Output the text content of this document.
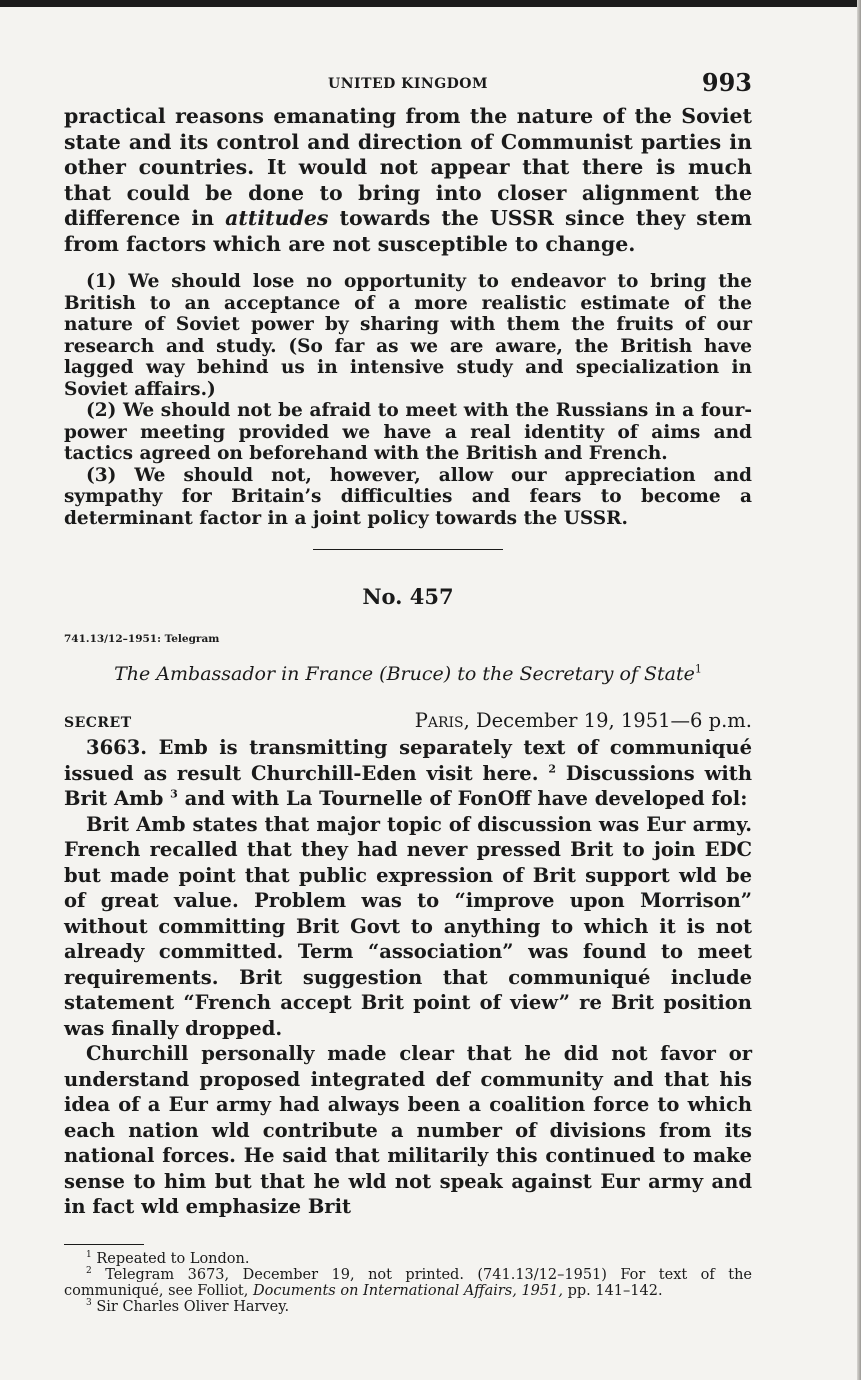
UNITED KINGDOM	993

practical reasons emanating from the nature of the Soviet state and its control and direction of Communist parties in other countries. It would not appear that there is much that could be done to bring into closer alignment the difference in attitudes towards the USSR since they stem from factors which are not susceptible to change.

(1) We should lose no opportunity to endeavor to bring the British to an acceptance of a more realistic estimate of the nature of Soviet power by sharing with them the fruits of our research and study. (So far as we are aware, the British have lagged way behind us in intensive study and specialization in Soviet affairs.)

(2) We should not be afraid to meet with the Russians in a four-power meeting provided we have a real identity of aims and tactics agreed on beforehand with the British and French.

(3) We should not, however, allow our appreciation and sympathy for Britain’s difficulties and fears to become a determinant factor in a joint policy towards the USSR.

No. 457
741.13/12–1951: Telegram
The Ambassador in France (Bruce) to the Secretary of State$^1$
SECRET	Paris, December 19, 1951—6 p.m.

3663. Emb is transmitting separately text of communiqué issued as result Churchill-Eden visit here. $^2$ Discussions with Brit Amb $^3$ and with La Tournelle of FonOff have developed fol:

Brit Amb states that major topic of discussion was Eur army. French recalled that they had never pressed Brit to join EDC but made point that public expression of Brit support wld be of great value. Problem was to “improve upon Morrison” without committing Brit Govt to anything to which it is not already committed. Term “association” was found to meet requirements. Brit suggestion that communiqué include statement “French accept Brit point of view” re Brit position was finally dropped.

Churchill personally made clear that he did not favor or understand proposed integrated def community and that his idea of a Eur army had always been a coalition force to which each nation wld contribute a number of divisions from its national forces. He said that militarily this continued to make sense to him but that he wld not speak against Eur army and in fact wld emphasize Brit

$^1$ Repeated to London.

$^2$ Telegram 3673, December 19, not printed. (741.13/12–1951) For text of the communiqué, see Folliot, Documents on International Affairs, 1951, pp. 141–142.

$^3$ Sir Charles Oliver Harvey.
